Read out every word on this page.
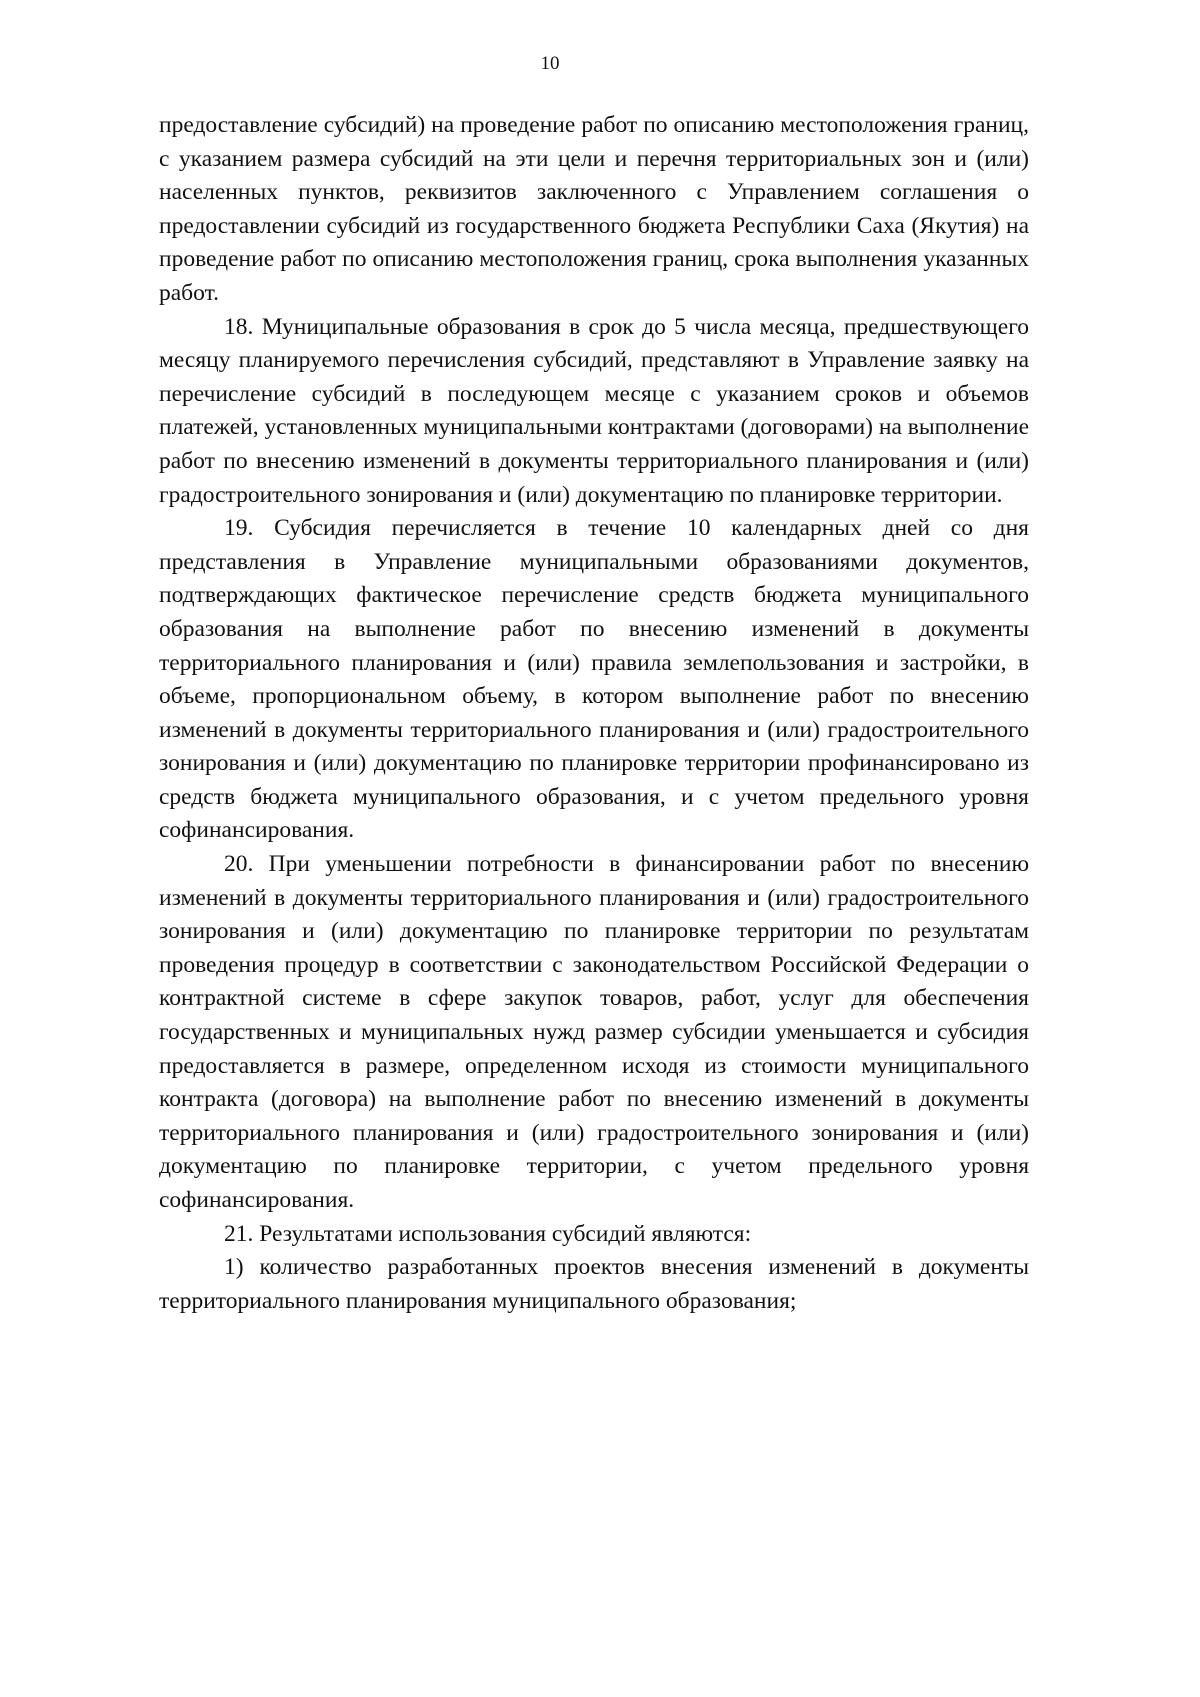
10

предоставление субсидий) на проведение работ по описанию местоположения границ, с указанием размера субсидий на эти цели и перечня территориальных зон и (или) населенных пунктов, реквизитов заключенного с Управлением соглашения о предоставлении субсидий из государственного бюджета Республики Саха (Якутия) на проведение работ по описанию местоположения границ, срока выполнения указанных работ.

18. Муниципальные образования в срок до 5 числа месяца, предшествующего месяцу планируемого перечисления субсидий, представляют в Управление заявку на перечисление субсидий в последующем месяце с указанием сроков и объемов платежей, установленных муниципальными контрактами (договорами) на выполнение работ по внесению изменений в документы территориального планирования и (или) градостроительного зонирования и (или) документацию по планировке территории.

19. Субсидия перечисляется в течение 10 календарных дней со дня представления в Управление муниципальными образованиями документов, подтверждающих фактическое перечисление средств бюджета муниципального образования на выполнение работ по внесению изменений в документы территориального планирования и (или) правила землепользования и застройки, в объеме, пропорциональном объему, в котором выполнение работ по внесению изменений в документы территориального планирования и (или) градостроительного зонирования и (или) документацию по планировке территории профинансировано из средств бюджета муниципального образования, и с учетом предельного уровня софинансирования.

20. При уменьшении потребности в финансировании работ по внесению изменений в документы территориального планирования и (или) градостроительного зонирования и (или) документацию по планировке территории по результатам проведения процедур в соответствии с законодательством Российской Федерации о контрактной системе в сфере закупок товаров, работ, услуг для обеспечения государственных и муниципальных нужд размер субсидии уменьшается и субсидия предоставляется в размере, определенном исходя из стоимости муниципального контракта (договора) на выполнение работ по внесению изменений в документы территориального планирования и (или) градостроительного зонирования и (или) документацию по планировке территории, с учетом предельного уровня софинансирования.

21. Результатами использования субсидий являются:

1) количество разработанных проектов внесения изменений в документы территориального планирования муниципального образования;
